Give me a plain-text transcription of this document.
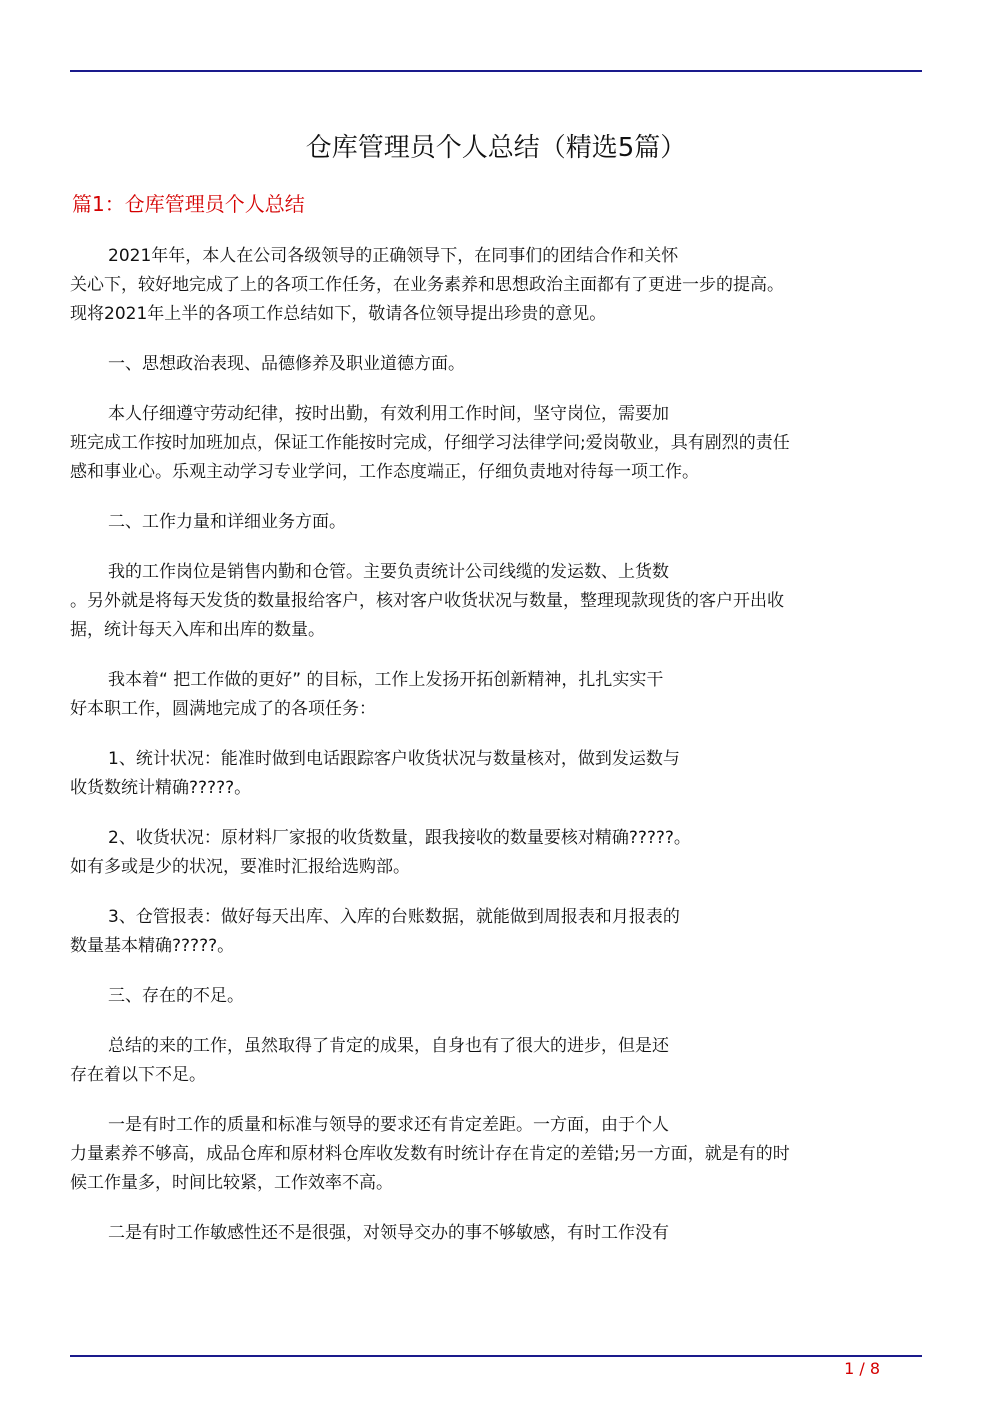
仓库管理员个人总结（精选5篇）
篇1：仓库管理员个人总结
2021年年，本人在公司各级领导的正确领导下，在同事们的团结合作和关怀
关心下，较好地完成了上的各项工作任务，在业务素养和思想政治主面都有了更进一步的提高。
现将2021年上半的各项工作总结如下，敬请各位领导提出珍贵的意见。
一、思想政治表现、品德修养及职业道德方面。
本人仔细遵守劳动纪律，按时出勤，有效利用工作时间，坚守岗位，需要加
班完成工作按时加班加点，保证工作能按时完成，仔细学习法律学问;爱岗敬业，具有剧烈的责任
感和事业心。乐观主动学习专业学问，工作态度端正，仔细负责地对待每一项工作。
二、工作力量和详细业务方面。
我的工作岗位是销售内勤和仓管。主要负责统计公司线缆的发运数、上货数
。另外就是将每天发货的数量报给客户，核对客户收货状况与数量，整理现款现货的客户开出收
据，统计每天入库和出库的数量。
我本着“ 把工作做的更好” 的目标，工作上发扬开拓创新精神，扎扎实实干
好本职工作，圆满地完成了的各项任务：
1、统计状况：能准时做到电话跟踪客户收货状况与数量核对，做到发运数与
收货数统计精确?????。
2、收货状况：原材料厂家报的收货数量，跟我接收的数量要核对精确?????。
如有多或是少的状况，要准时汇报给选购部。
3、仓管报表：做好每天出库、入库的台账数据，就能做到周报表和月报表的
数量基本精确?????。
三、存在的不足。
总结的来的工作，虽然取得了肯定的成果，自身也有了很大的进步，但是还
存在着以下不足。
一是有时工作的质量和标准与领导的要求还有肯定差距。一方面，由于个人
力量素养不够高，成品仓库和原材料仓库收发数有时统计存在肯定的差错;另一方面，就是有的时
候工作量多，时间比较紧，工作效率不高。
二是有时工作敏感性还不是很强，对领导交办的事不够敏感，有时工作没有
1 / 8
